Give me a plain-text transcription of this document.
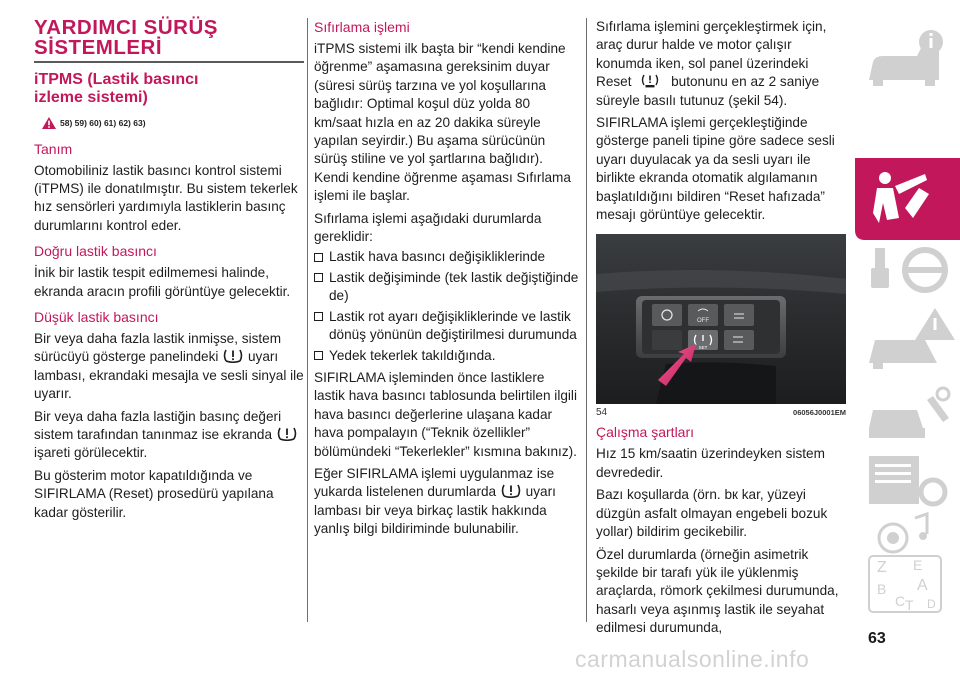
YARDIMCI SÜRÜŞ
SİSTEMLERİ
iTPMS (Lastik basıncı
izleme sistemi)
58) 59) 60) 61) 62) 63)
Tanım
Otomobiliniz lastik basıncı kontrol sistemi (iTPMS) ile donatılmıştır. Bu sistem tekerlek hız sensörleri yardımıyla lastiklerin basınç durumlarını kontrol eder.
Doğru lastik basıncı
İnik bir lastik tespit edilmemesi halinde, ekranda aracın profili görüntüye gelecektir.
Düşük lastik basıncı
Bir veya daha fazla lastik inmişse, sistem sürücüyü gösterge panelindeki uyarı lambası, ekrandaki mesajla ve sesli sinyal ile uyarır.
Bir veya daha fazla lastiğin basınç değeri sistem tarafından tanınmaz ise ekranda  işareti görülecektir.
Bu gösterim motor kapatıldığında ve SIFIRLAMA (Reset) prosedürü yapılana kadar gösterilir.
Sıfırlama işlemi
iTPMS sistemi ilk başta bir “kendi kendine öğrenme” aşamasına gereksinim duyar (süresi sürüş tarzına ve yol koşullarına bağlıdır: Optimal koşul düz yolda 80 km/saat hızla en az 20 dakika süreyle yapılan seyirdir.) Bu aşama sürücünün sürüş stiline ve yol şartlarına bağlıdır). Kendi kendine öğrenme aşaması Sıfırlama işlemi ile başlar.
Sıfırlama işlemi aşağıdaki durumlarda gereklidir:
Lastik hava basıncı değişikliklerinde
Lastik değişiminde (tek lastik değiştiğinde de)
Lastik rot ayarı değişikliklerinde ve lastik dönüş yönünün değiştirilmesi durumunda
Yedek tekerlek takıldığında.
SIFIRLAMA işleminden önce lastiklere lastik hava basıncı tablosunda belirtilen ilgili hava basıncı değerlerine ulaşana kadar hava pompalayın (“Teknik özellikler” bölümündeki “Tekerlekler” kısmına bakınız).
Eğer SIFIRLAMA işlemi uygulanmaz ise yukarda listelenen durumlarda uyarı lambası bir veya birkaç lastik hakkında yanlış bilgi bildiriminde bulunabilir.
Sıfırlama işlemini gerçekleştirmek için, araç durur halde ve motor çalışır konumda iken, sol panel üzerindeki Reset	butonunu en az 2 saniye süreyle basılı tutunuz (şekil 54).
SIFIRLAMA işlemi gerçekleştiğinde gösterge paneli tipine göre sadece sesli uyarı duyulacak ya da sesli uyarı ile birlikte ekranda otomatik algılamanın başlatıldığını bildiren “Reset hafızada” mesajı görüntüye gelecektir.
OFF
SET
54	06056J0001EM
Çalışma şartları
Hız 15 km/saatin üzerindeyken sistem devrededir.
Bazı koşullarda (örn. bк kar, yüzeyi düzgün asfalt olmayan engebeli bozuk yollar) bildirim gecikebilir.
Özel durumlarda (örneğin asimetrik şekilde bir tarafı yük ile yüklenmiş araçlarda, römork çekilmesi durumunda, hasarlı veya aşınmış lastik ile seyahat edilmesi durumunda,
Z E
A
B
C T D
63
carmanualsonline.info
